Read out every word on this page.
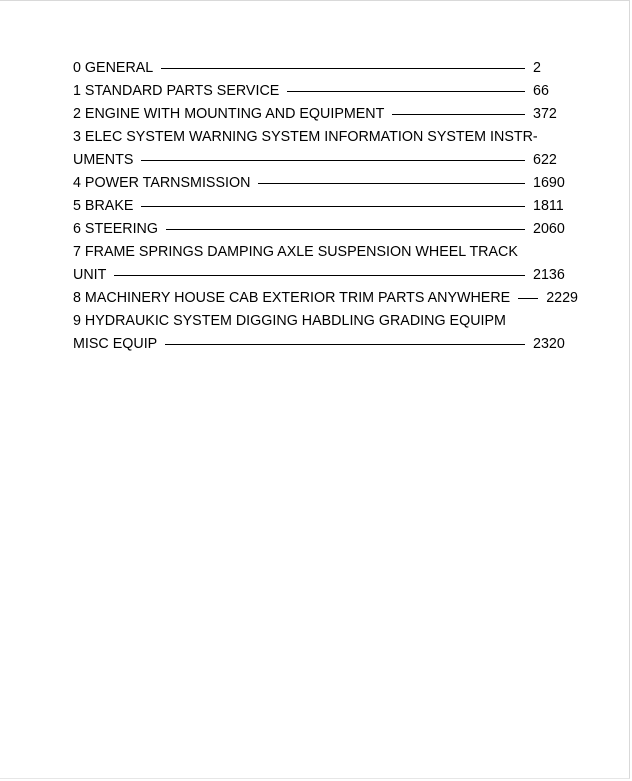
0 GENERAL	2
1 STANDARD PARTS SERVICE	66
2 ENGINE WITH MOUNTING AND EQUIPMENT	372
3 ELEC SYSTEM WARNING SYSTEM INFORMATION SYSTEM INSTR-
UMENTS	622
4 POWER TARNSMISSION	1690
5 BRAKE	1811
6 STEERING	2060
7 FRAME SPRINGS DAMPING AXLE SUSPENSION WHEEL TRACK
UNIT	2136
8 MACHINERY HOUSE CAB EXTERIOR TRIM PARTS ANYWHERE	2229
9 HYDRAUKIC SYSTEM DIGGING HABDLING GRADING EQUIPM
MISC EQUIP	2320
